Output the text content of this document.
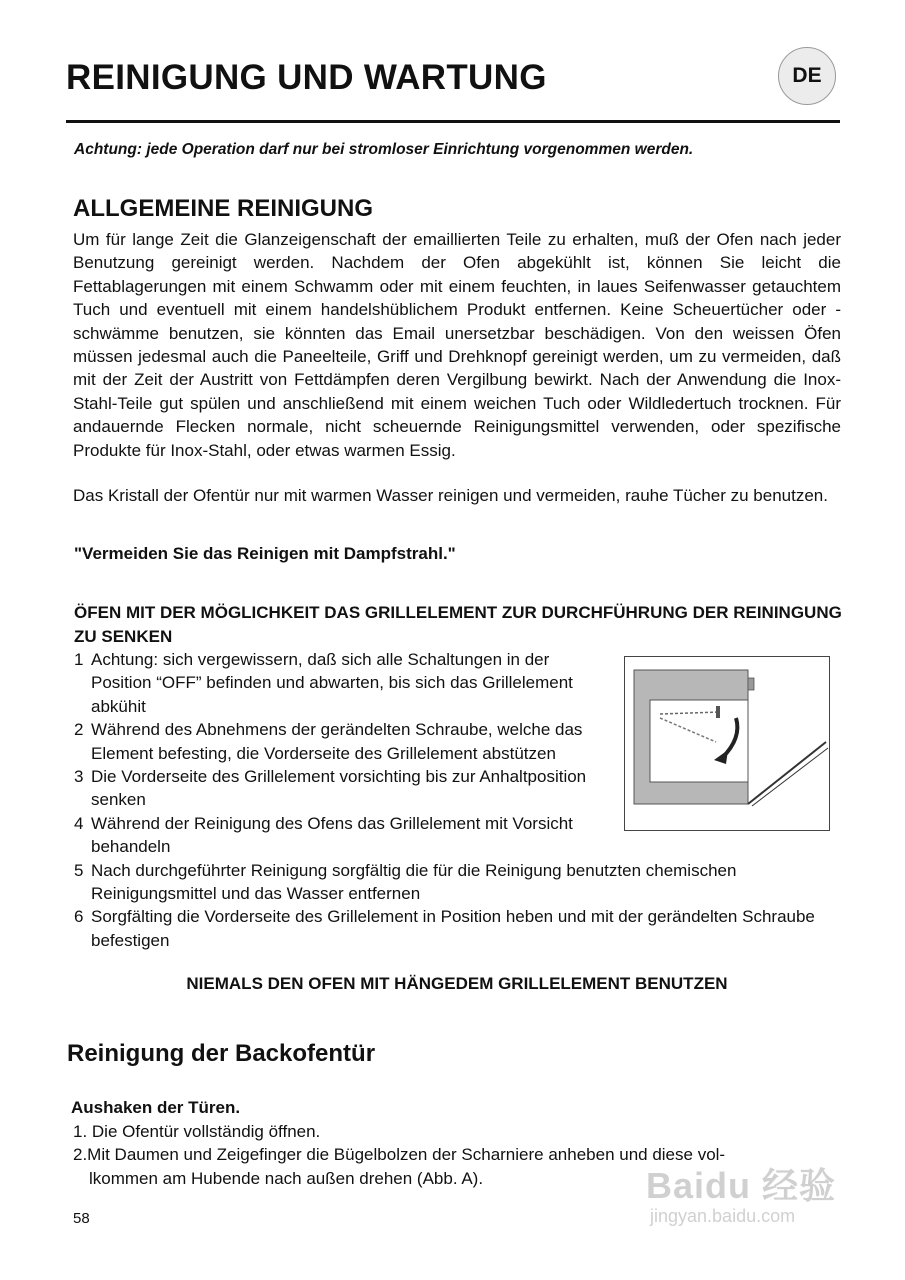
REINIGUNG UND WARTUNG	DE
Achtung: jede Operation darf nur bei stromloser Einrichtung vorgenommen werden.
ALLGEMEINE REINIGUNG

Um für lange Zeit die Glanzeigenschaft der emaillierten Teile zu erhalten, muß der Ofen nach jeder Benutzung gereinigt werden. Nachdem der Ofen abgekühlt ist, können Sie leicht die Fettablagerungen mit einem Schwamm oder mit einem feuchten, in laues Seifenwasser getauchtem Tuch und eventuell mit einem handelshüblichem Produkt entfernen. Keine Scheuertücher oder -schwämme benutzen, sie könnten das Email unersetzbar beschädigen. Von den weissen Öfen müssen jedesmal auch die Paneelteile, Griff und Drehknopf gereinigt werden, um zu vermeiden, daß mit der Zeit der Austritt von Fettdämpfen deren Vergilbung bewirkt. Nach der Anwendung die Inox-Stahl-Teile gut spülen und anschließend mit einem weichen Tuch oder Wildledertuch trocknen. Für andauernde Flecken normale, nicht scheuernde Reinigungsmittel verwenden, oder spezifische Produkte für Inox-Stahl, oder etwas warmen Essig.

Das Kristall der Ofentür nur mit warmen Wasser reinigen und vermeiden, rauhe Tücher zu benutzen.

"Vermeiden Sie das Reinigen mit Dampfstrahl."
ÖFEN MIT DER MÖGLICHKEIT DAS GRILLELEMENT ZUR DURCHFÜHRUNG DER REININGUNG ZU SENKEN
1 Achtung: sich vergewissern, daß sich alle Schaltungen in der Position “OFF” befinden und abwarten, bis sich das Grillelement abkühit
2 Während des Abnehmens der gerändelten Schraube, welche das Element befesting, die Vorderseite des Grillelement abstützen
3 Die Vorderseite des Grillelement vorsichting bis zur Anhaltposition senken
4 Während der Reinigung des Ofens das Grillelement mit Vorsicht behandeln
5 Nach durchgeführter Reinigung sorgfältig die für die Reinigung benutzten chemischen Reinigungsmittel und das Wasser entfernen
6 Sorgfälting die Vorderseite des Grillelement in Position heben und mit der gerändelten Schraube befestigen
NIEMALS DEN OFEN MIT HÄNGEDEM GRILLELEMENT BENUTZEN
Reinigung der Backofentür
Aushaken der Türen.
1. Die Ofentür vollständig öffnen.
2.Mit Daumen und Zeigefinger die Bügelbolzen der Scharniere anheben und diese vol-
lkommen am Hubende nach außen drehen (Abb. A).
58
Baidu 经验
jingyan.baidu.com
